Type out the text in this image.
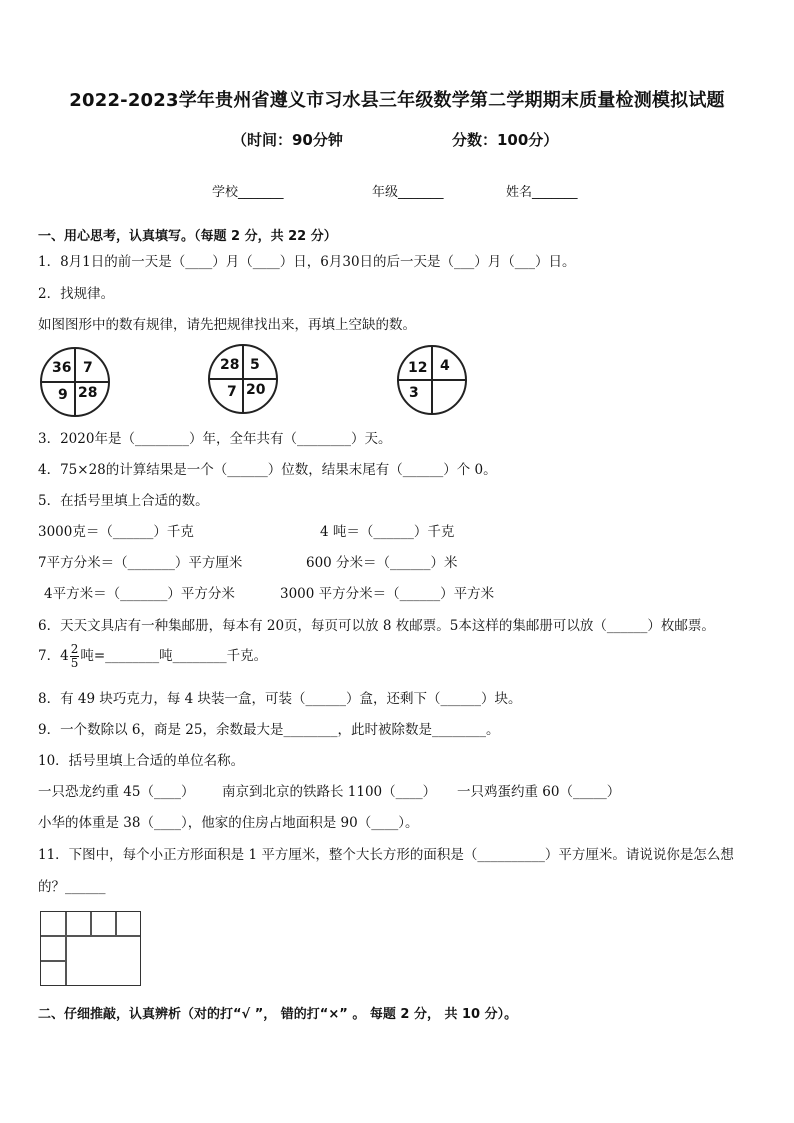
2022-2023学年贵州省遵义市习水县三年级数学第二学期期末质量检测模拟试题
（时间：90分钟	分数：100分）
学校_______	年级_______	姓名_______
一、用心思考，认真填写。（每题 2 分，共 22 分）
1．8月1日的前一天是（____）月（____）日，6月30日的后一天是（___）月（___）日。
2．找规律。
如图图形中的数有规律，请先把规律找出来，再填上空缺的数。
36 7
9 28
28 5
7 20
12 4
3
3．2020年是（________）年，全年共有（________）天。
4．75×28的计算结果是一个（______）位数，结果末尾有（______）个 0。
5．在括号里填上合适的数。
3000克＝（______）千克	4 吨＝（______）千克
7平方分米＝（_______）平方厘米	600 分米＝（______）米
4平方米＝（_______）平方分米	3000 平方分米＝（______）平方米
6．天天文具店有一种集邮册，每本有 20页，每页可以放 8 枚邮票。5本这样的集邮册可以放（______）枚邮票。
7．$4 \frac{2}{5}$ 吨=________吨________千克。
8．有 49 块巧克力，每 4 块装一盒，可装（______）盒，还剩下（______）块。
9．一个数除以 6，商是 25，余数最大是________，此时被除数是________。
10．括号里填上合适的单位名称。
一只恐龙约重 45（____） 南京到北京的铁路长 1100（____） 一只鸡蛋约重 60（_____）
小华的体重是 38（____），他家的住房占地面积是 90（____）。
11．下图中，每个小正方形面积是 1 平方厘米，整个大长方形的面积是（__________）平方厘米。请说说你是怎么想
的？______
二、仔细推敲，认真辨析（对的打“√ ”， 错的打“×” 。 每题 2 分， 共 10 分）。
